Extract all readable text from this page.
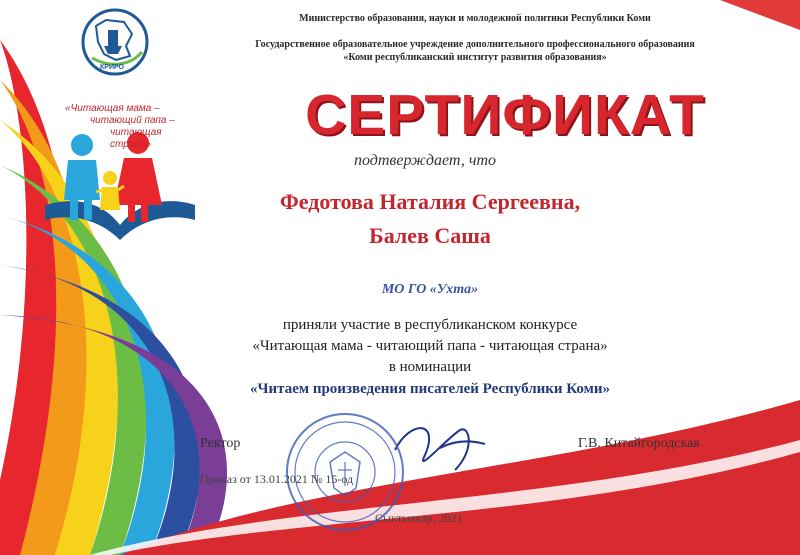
КРИРО
Министерство образования, науки и молодежной политики Республики Коми
Государственное образовательное учреждение дополнительного профессионального образования
«Коми республиканский институт развития образования»
«Читающая мама –
читающий папа –
читающая страна»	СЕРТИФИКАТ
подтверждает, что
Федотова Наталия Сергеевна,
Балев Саша
МО ГО «Ухта»
приняли участие в республиканском конкурсе
«Читающая мама - читающий папа - читающая страна»
в номинации
«Читаем произведения писателей Республики Коми»
Ректор	Г.В. Китайгородская
Приказ от 13.01.2021 № 15-од
Сыктывкар, 2021
